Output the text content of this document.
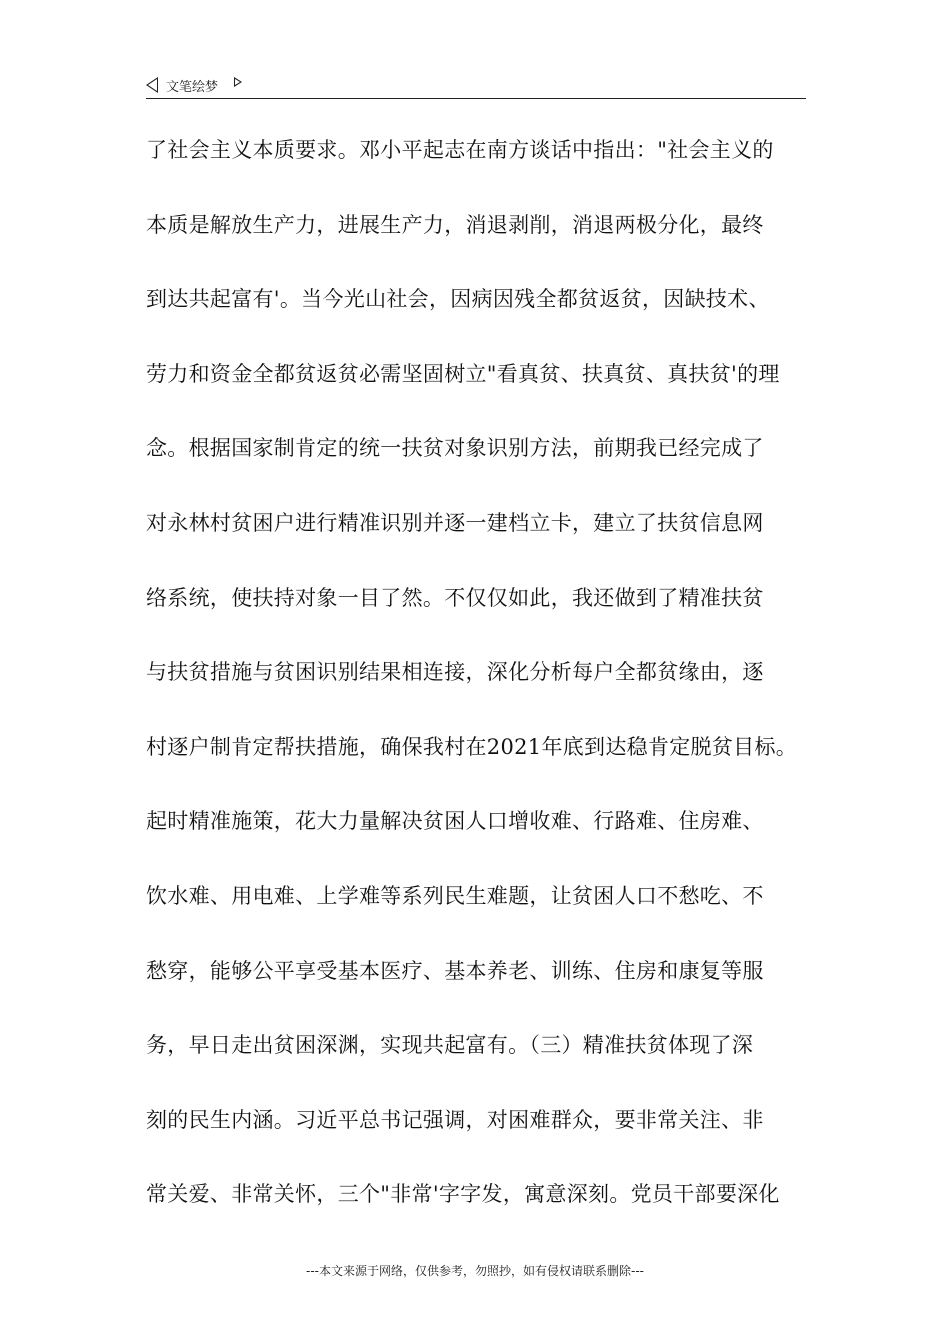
文笔绘梦
了社会主义本质要求。邓小平起志在南方谈话中指出："社会主义的
本质是解放生产力，进展生产力，消退剥削，消退两极分化，最终
到达共起富有'。当今光山社会，因病因残全都贫返贫，因缺技术、
劳力和资金全都贫返贫必需坚固树立"看真贫、扶真贫、真扶贫'的理
念。根据国家制肯定的统一扶贫对象识别方法，前期我已经完成了
对永林村贫困户进行精准识别并逐一建档立卡，建立了扶贫信息网
络系统，使扶持对象一目了然。不仅仅如此，我还做到了精准扶贫
与扶贫措施与贫困识别结果相连接，深化分析每户全都贫缘由，逐
村逐户制肯定帮扶措施，确保我村在2021年底到达稳肯定脱贫目标。
起时精准施策，花大力量解决贫困人口增收难、行路难、住房难、
饮水难、用电难、上学难等系列民生难题，让贫困人口不愁吃、不
愁穿，能够公平享受基本医疗、基本养老、训练、住房和康复等服
务，早日走出贫困深渊，实现共起富有。（三）精准扶贫体现了深
刻的民生内涵。习近平总书记强调，对困难群众，要非常关注、非
常关爱、非常关怀，三个"非常'字字发，寓意深刻。党员干部要深化
---本文来源于网络，仅供参考，勿照抄，如有侵权请联系删除---
